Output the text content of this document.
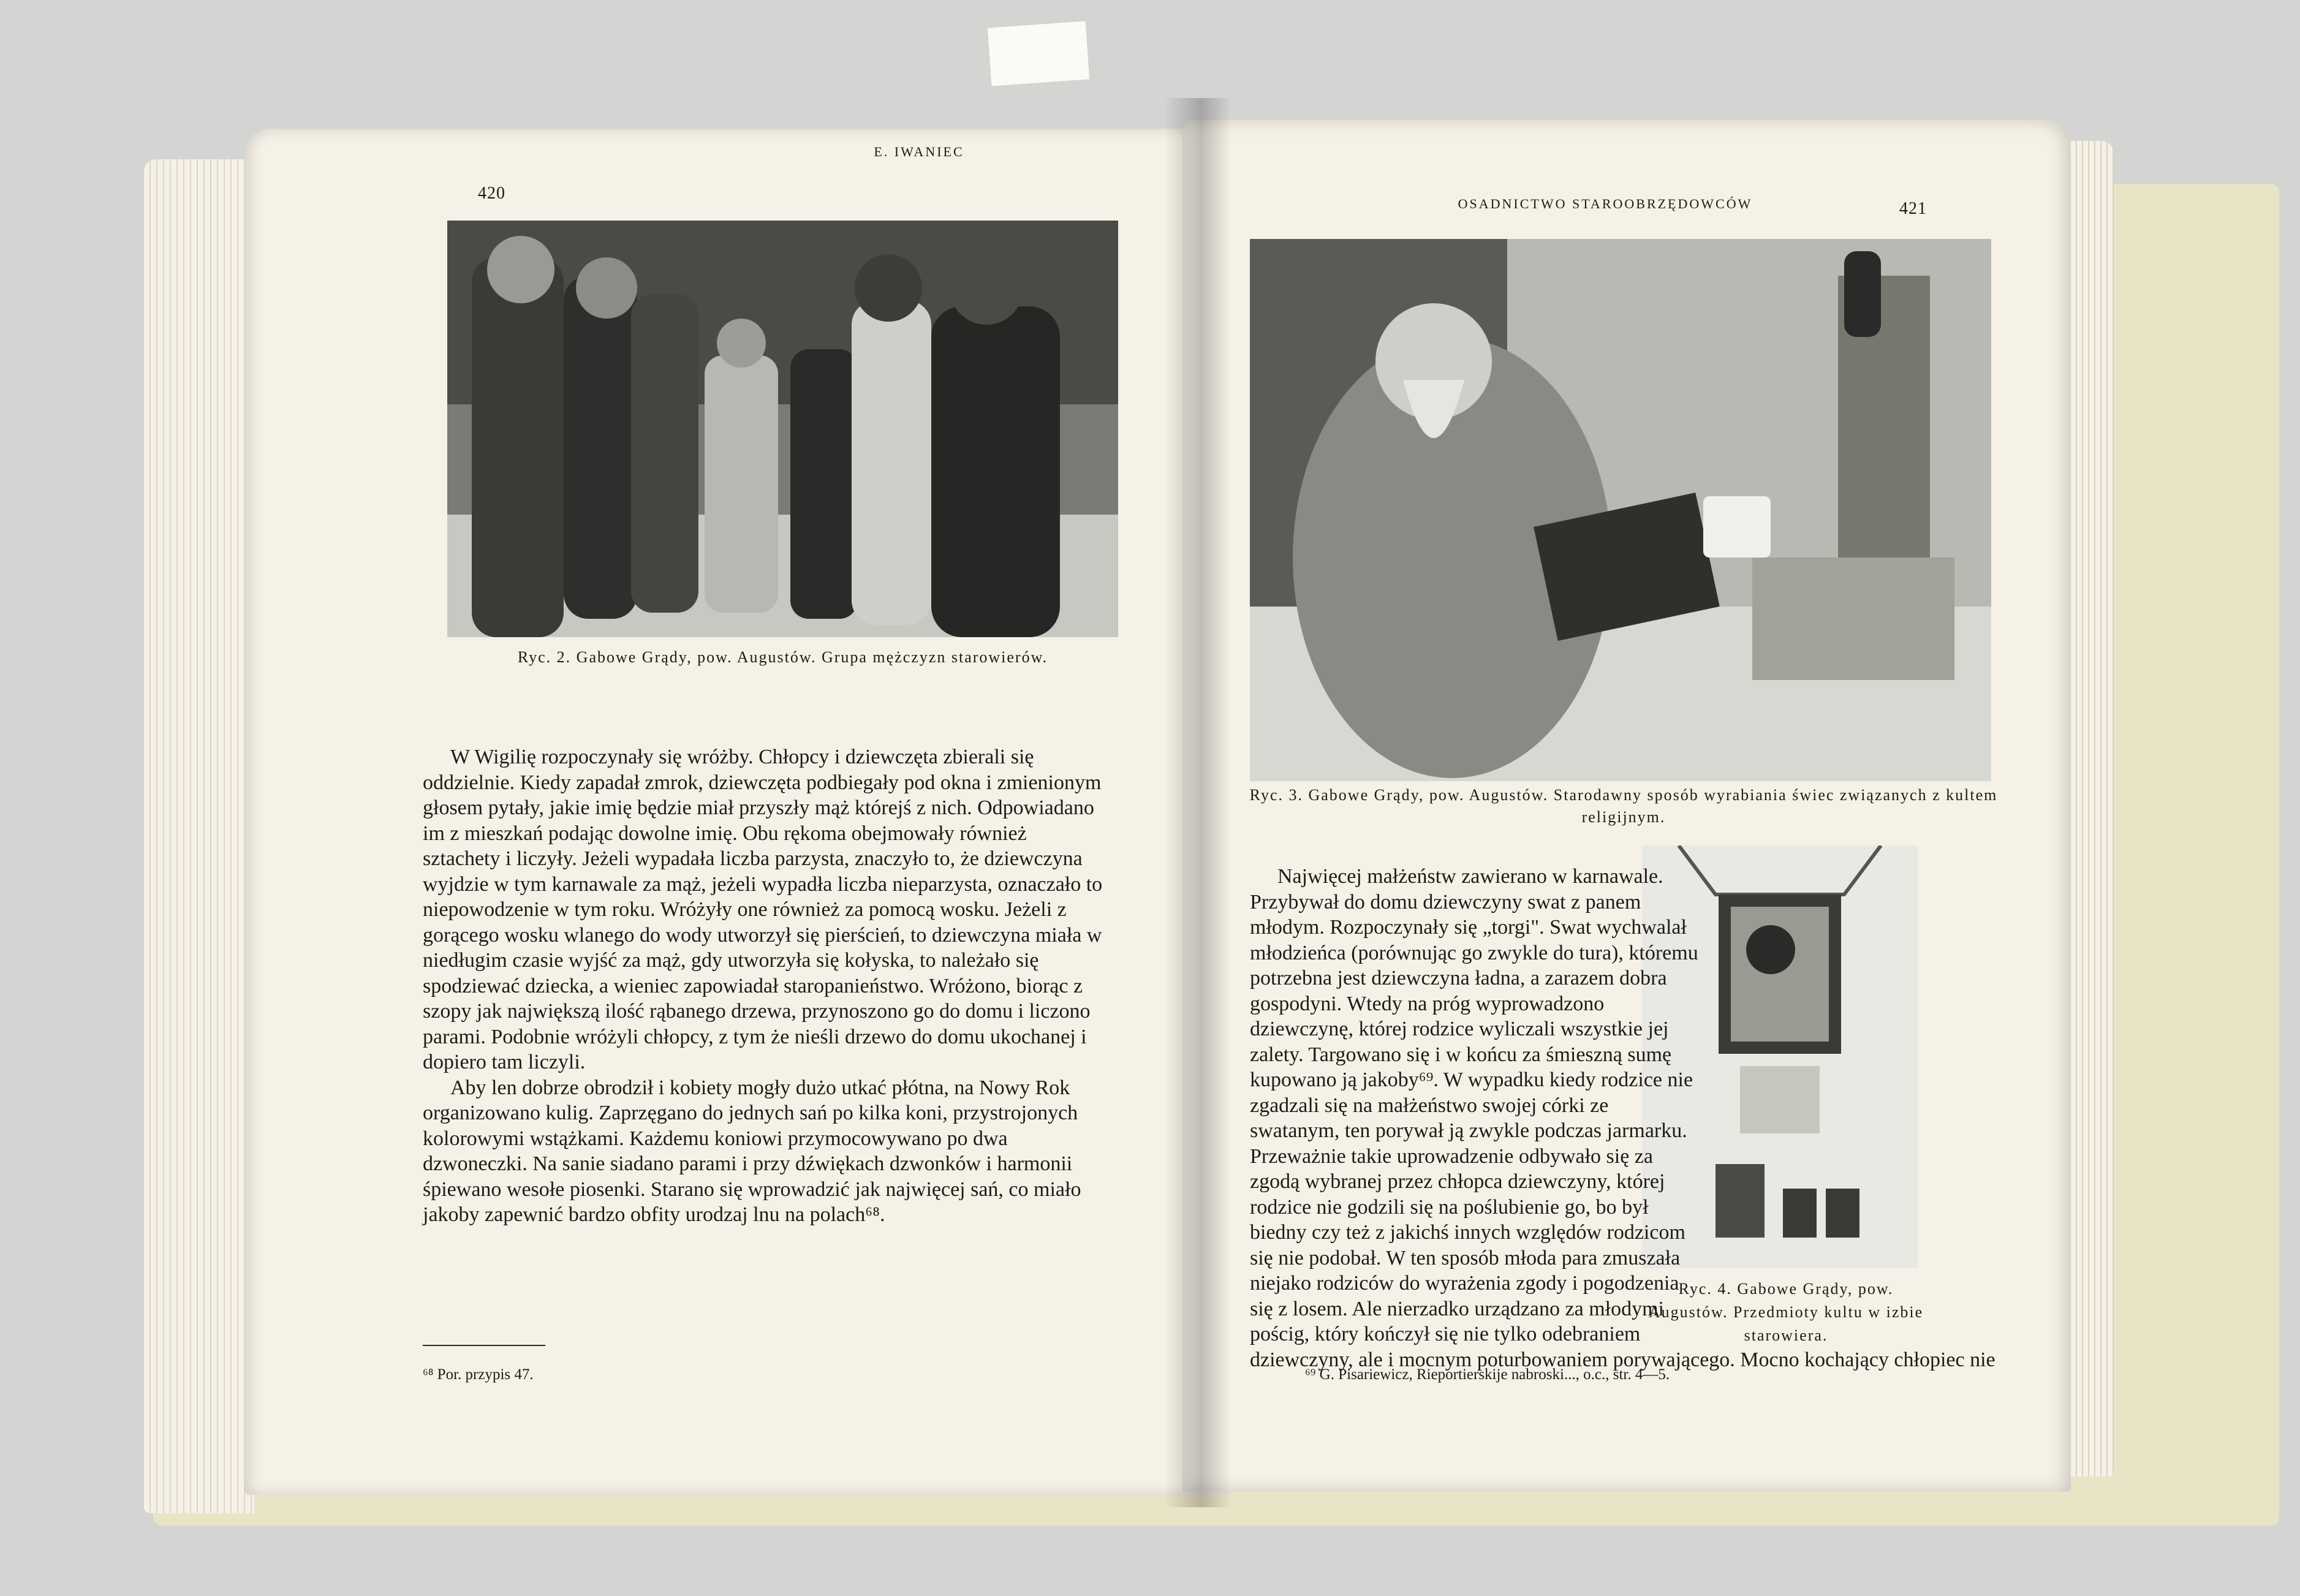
420
E. IWANIEC
Ryc. 2. Gabowe Grądy, pow. Augustów. Grupa mężczyzn starowierów.

W Wigilię rozpoczynały się wróżby. Chłopcy i dziewczęta zbierali się oddzielnie. Kiedy zapadał zmrok, dziewczęta podbiegały pod okna i zmienionym głosem pytały, jakie imię będzie miał przyszły mąż którejś z nich. Odpowiadano im z mieszkań podając dowolne imię. Obu rękoma obejmowały również sztachety i liczyły. Jeżeli wypadała liczba parzysta, znaczyło to, że dziewczyna wyjdzie w tym karnawale za mąż, jeżeli wypadła liczba nieparzysta, oznaczało to niepowodzenie w tym roku. Wróżyły one również za pomocą wosku. Jeżeli z gorącego wosku wlanego do wody utworzył się pierścień, to dziewczyna miała w niedługim czasie wyjść za mąż, gdy utworzyła się kołyska, to należało się spodziewać dziecka, a wieniec zapowiadał staropanieństwo. Wróżono, biorąc z szopy jak największą ilość rąbanego drzewa, przynoszono go do domu i liczono parami. Podobnie wróżyli chłopcy, z tym że nieśli drzewo do domu ukochanej i dopiero tam liczyli.

Aby len dobrze obrodził i kobiety mogły dużo utkać płótna, na Nowy Rok organizowano kulig. Zaprzęgano do jednych sań po kilka koni, przystrojonych kolorowymi wstążkami. Każdemu koniowi przymocowywano po dwa dzwoneczki. Na sanie siadano parami i przy dźwiękach dzwonków i harmonii śpiewano wesołe piosenki. Starano się wprowadzić jak najwięcej sań, co miało jakoby zapewnić bardzo obfity urodzaj lnu na polach⁶⁸.

⁶⁸ Por. przypis 47.
OSADNICTWO STAROOBRZĘDOWCÓW	421
Ryc. 3. Gabowe Grądy, pow. Augustów. Starodawny sposób wyrabiania świec związanych z kultem religijnym.
Ryc. 4. Gabowe Grądy, pow. Augustów. Przedmioty kultu w izbie starowiera.

Najwięcej małżeństw zawierano w karnawale. Przybywał do domu dziewczyny swat z panem młodym. Rozpoczynały się „torgi". Swat wychwalał młodzieńca (porównując go zwykle do tura), któremu potrzebna jest dziewczyna ładna, a zarazem dobra gospodyni. Wtedy na próg wyprowadzono dziewczynę, której rodzice wyliczali wszystkie jej zalety. Targowano się i w końcu za śmieszną sumę kupowano ją jakoby⁶⁹. W wypadku kiedy rodzice nie zgadzali się na małżeństwo swojej córki ze swatanym, ten porywał ją zwykle podczas jarmarku. Przeważnie takie uprowadzenie odbywało się za zgodą wybranej przez chłopca dziewczyny, której rodzice nie godzili się na poślubienie go, bo był biedny czy też z jakichś innych względów rodzicom się nie podobał. W ten sposób młoda para zmuszała niejako rodziców do wyrażenia zgody i pogodzenia się z losem. Ale nierzadko urządzano za młodymi pościg, który kończył się nie tylko odebraniem dziewczyny, ale i mocnym poturbowaniem porywającego. Mocno kochający chłopiec nie

⁶⁹ G. Pisariewicz, Rieportierskije nabroski..., o.c., str. 4—5.
